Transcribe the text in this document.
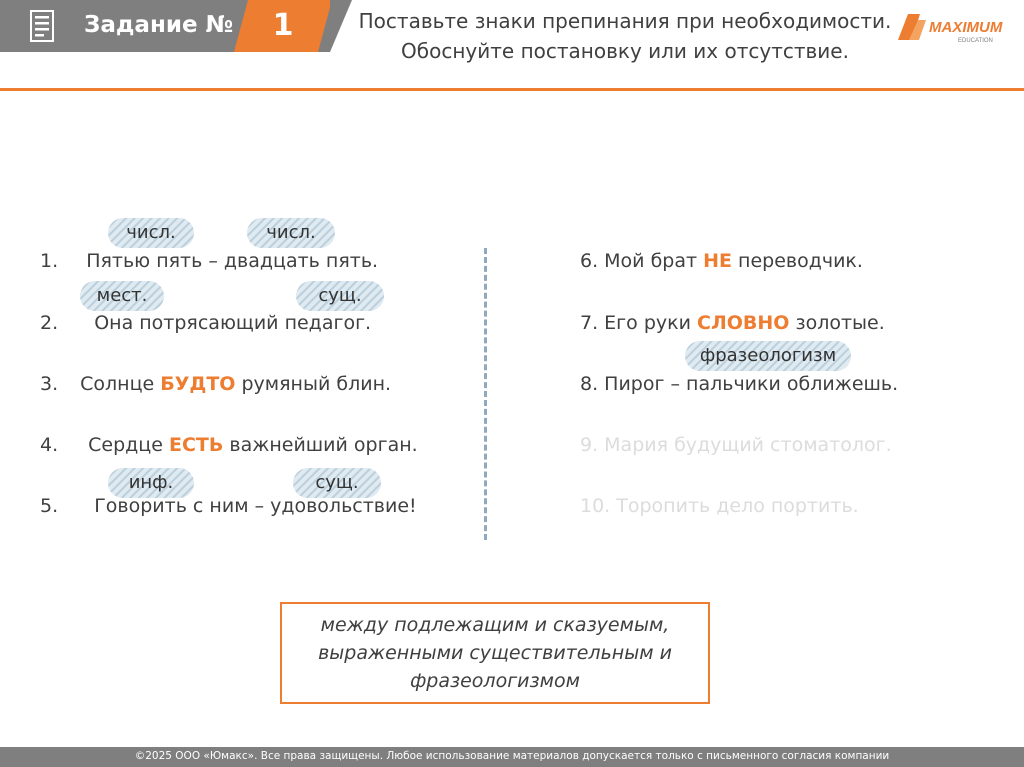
Задание №	1	Поставьте знаки препинания при необходимости.
Обоснуйте постановку или их отсутствие.
MAXIMUM
EDUCATION
числ.	числ.
мест.	сущ.
инф.	сущ.
фразеологизм
1. Пятью пять – двадцать пять.
2. Она потрясающий педагог.
3. Солнце БУДТО румяный блин.
4. Сердце ЕСТЬ важнейший орган.
5. Говорить с ним – удовольствие!
6. Мой брат НЕ переводчик.
7. Его руки СЛОВНО золотые.
8. Пирог – пальчики оближешь.
9. Мария будущий стоматолог.
10. Торопить дело портить.
между подлежащим и сказуемым, выраженными существительным и фразеологизмом
©2025 ООО «Юмакс». Все права защищены. Любое использование материалов допускается только с письменного согласия компании
